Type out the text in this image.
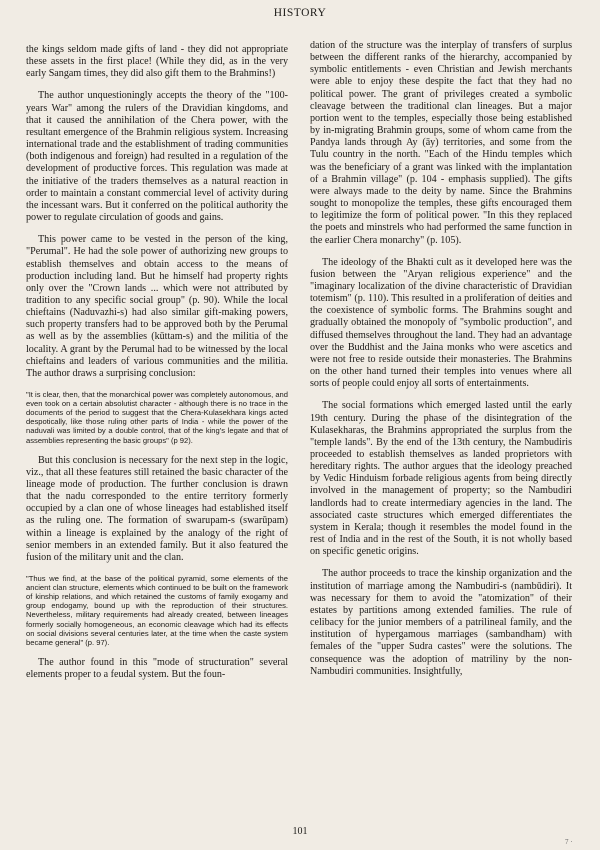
HISTORY

the kings seldom made gifts of land - they did not appropriate these assets in the first place! (While they did, as in the very early Sangam times, they did also gift them to the Brahmins!)

The author unquestioningly accepts the theory of the "100-years War" among the rulers of the Dravidian kingdoms, and that it caused the annihilation of the Chera power, with the resultant emergence of the Brahmin religious system. Increasing international trade and the establishment of trading communities (both indigenous and foreign) had resulted in a regulation of the development of productive forces. This regulation was made at the initiative of the traders themselves as a natural reaction in order to maintain a constant commercial level of activity during the incessant wars. But it conferred on the political authority the power to regulate circulation of goods and gains.

This power came to be vested in the person of the king, "Perumal". He had the sole power of authorizing new groups to establish themselves and obtain access to the means of production including land. But he himself had property rights only over the "Crown lands ... which were not attributed by tradition to any specific social group" (p. 90). While the local chieftains (Naduvazhi-s) had also similar gift-making powers, such property transfers had to be approved both by the Perumal as well as by the assemblies (kūttam-s) and the militia of the locality. A grant by the Perumal had to be witnessed by the local chieftains and leaders of various communities and the militia. The author draws a surprising conclusion:

"It is clear, then, that the monarchical power was completely autonomous, and even took on a certain absolutist character - although there is no trace in the documents of the period to suggest that the Chera-Kulasekhara kings acted despotically, like those ruling other parts of India - while the power of the naduvali was limited by a double control, that of the king's legate and that of assemblies representing the basic groups" (p 92).

But this conclusion is necessary for the next step in the logic, viz., that all these features still retained the basic character of the lineage mode of production. The further conclusion is drawn that the nadu corresponded to the entire territory formerly occupied by a clan one of whose lineages had established itself as the ruling one. The formation of swarupam-s (swarūpam) within a lineage is explained by the analogy of the right of senior members in an extended family. But it also featured the fusion of the military unit and the clan.

"Thus we find, at the base of the political pyramid, some elements of the ancient clan structure, elements which continued to be built on the framework of kinship relations, and which retained the customs of family exogamy and group endogamy, bound up with the reproduction of their structures. Nevertheless, military requirements had already created, between lineages formerly socially homogeneous, an economic cleavage which had its effects on social divisions several centuries later, at the time when the caste system became general" (p. 97).

The author found in this "mode of structuration" several elements proper to a feudal system. But the foun-

dation of the structure was the interplay of transfers of surplus between the different ranks of the hierarchy, accompanied by symbolic entitlements - even Christian and Jewish merchants were able to enjoy these despite the fact that they had no political power. The grant of privileges created a symbolic cleavage between the traditional clan lineages. But a major portion went to the temples, especially those being established by in-migrating Brahmin groups, some of whom came from the Pandya lands through Ay (āy) territories, and some from the Tulu country in the north. "Each of the Hindu temples which was the beneficiary of a grant was linked with the implantation of a Brahmin village" (p. 104 - emphasis supplied). The gifts were always made to the deity by name. Since the Brahmins sought to monopolize the temples, these gifts encouraged them to legitimize the form of political power. "In this they replaced the poets and minstrels who had performed the same function in the earlier Chera monarchy" (p. 105).

The ideology of the Bhakti cult as it developed here was the fusion between the "Aryan religious experience" and the "imaginary localization of the divine characteristic of Dravidian totemism" (p. 110). This resulted in a proliferation of deities and the coexistence of symbolic forms. The Brahmins sought and gradually obtained the monopoly of "symbolic production", and diffused themselves throughout the land. They had an advantage over the Buddhist and the Jaina monks who were ascetics and were not free to reside outside their monasteries. The Brahmins on the other hand turned their temples into venues where all sorts of people could enjoy all sorts of entertainments.

The social formations which emerged lasted until the early 19th century. During the phase of the disintegration of the Kulasekharas, the Brahmins appropriated the surplus from the "temple lands". By the end of the 13th century, the Nambudiris proceeded to establish themselves as landed proprietors with hereditary rights. The author argues that the ideology preached by Vedic Hinduism forbade religious agents from being directly involved in the management of property; so the Nambudiri landlords had to create intermediary agencies in the land. The associated caste structures which emerged differentiates the system in Kerala; though it resembles the model found in the rest of India and in the rest of the South, it is not wholly based on specific genetic origins.

The author proceeds to trace the kinship organization and the institution of marriage among the Nambudiri-s (nambūdiri). It was necessary for them to avoid the "atomization" of their estates by partitions among extended families. The rule of celibacy for the junior members of a patrilineal family, and the institution of hypergamous marriages (sambandham) with females of the "upper Sudra castes" were the solutions. The consequence was the adoption of matriliny by the non-Nambudiri communities. Insightfully,

101
7 ·
